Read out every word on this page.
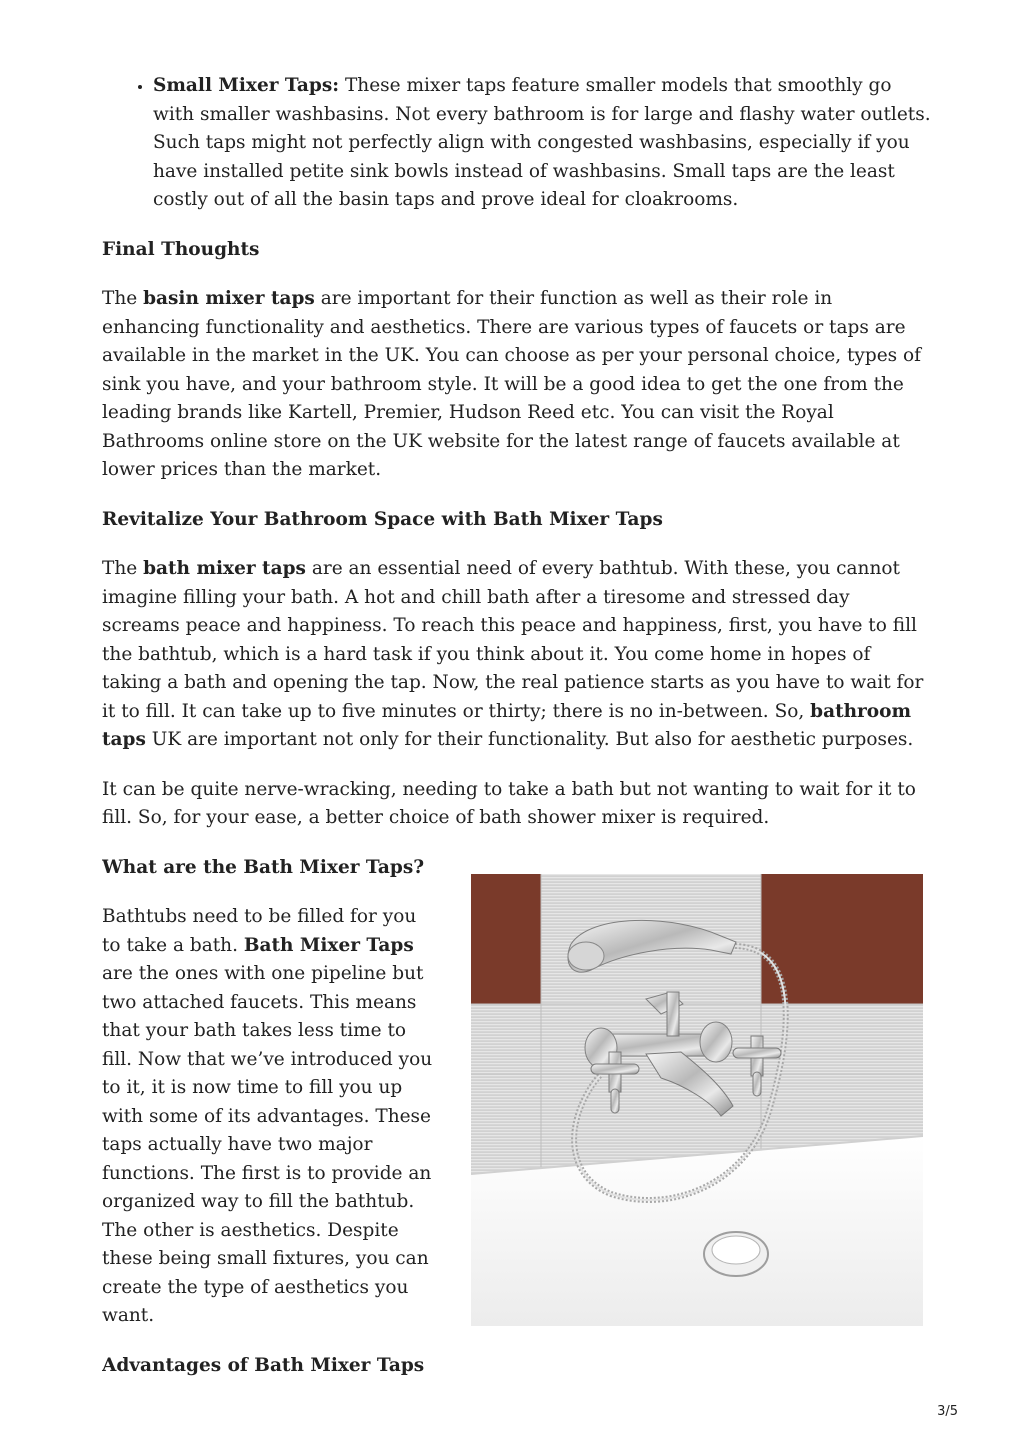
• Small Mixer Taps: These mixer taps feature smaller models that smoothly go with smaller washbasins. Not every bathroom is for large and flashy water outlets. Such taps might not perfectly align with congested washbasins, especially if you have installed petite sink bowls instead of washbasins. Small taps are the least costly out of all the basin taps and prove ideal for cloakrooms.
Final Thoughts

The basin mixer taps are important for their function as well as their role in enhancing functionality and aesthetics. There are various types of faucets or taps are available in the market in the UK. You can choose as per your personal choice, types of sink you have, and your bathroom style. It will be a good idea to get the one from the leading brands like Kartell, Premier, Hudson Reed etc. You can visit the Royal Bathrooms online store on the UK website for the latest range of faucets available at lower prices than the market.

Revitalize Your Bathroom Space with Bath Mixer Taps

The bath mixer taps are an essential need of every bathtub. With these, you cannot imagine filling your bath. A hot and chill bath after a tiresome and stressed day screams peace and happiness. To reach this peace and happiness, first, you have to fill the bathtub, which is a hard task if you think about it. You come home in hopes of taking a bath and opening the tap. Now, the real patience starts as you have to wait for it to fill. It can take up to five minutes or thirty; there is no in-between. So, bathroom taps UK are important not only for their functionality. But also for aesthetic purposes.

It can be quite nerve-wracking, needing to take a bath but not wanting to wait for it to fill. So, for your ease, a better choice of bath shower mixer is required.

What are the Bath Mixer Taps?

Bathtubs need to be filled for you to take a bath. Bath Mixer Taps are the ones with one pipeline but two attached faucets. This means that your bath takes less time to fill. Now that we’ve introduced you to it, it is now time to fill you up with some of its advantages. These taps actually have two major functions. The first is to provide an organized way to fill the bathtub. The other is aesthetics. Despite these being small fixtures, you can create the type of aesthetics you want.

Advantages of Bath Mixer Taps
3/5
